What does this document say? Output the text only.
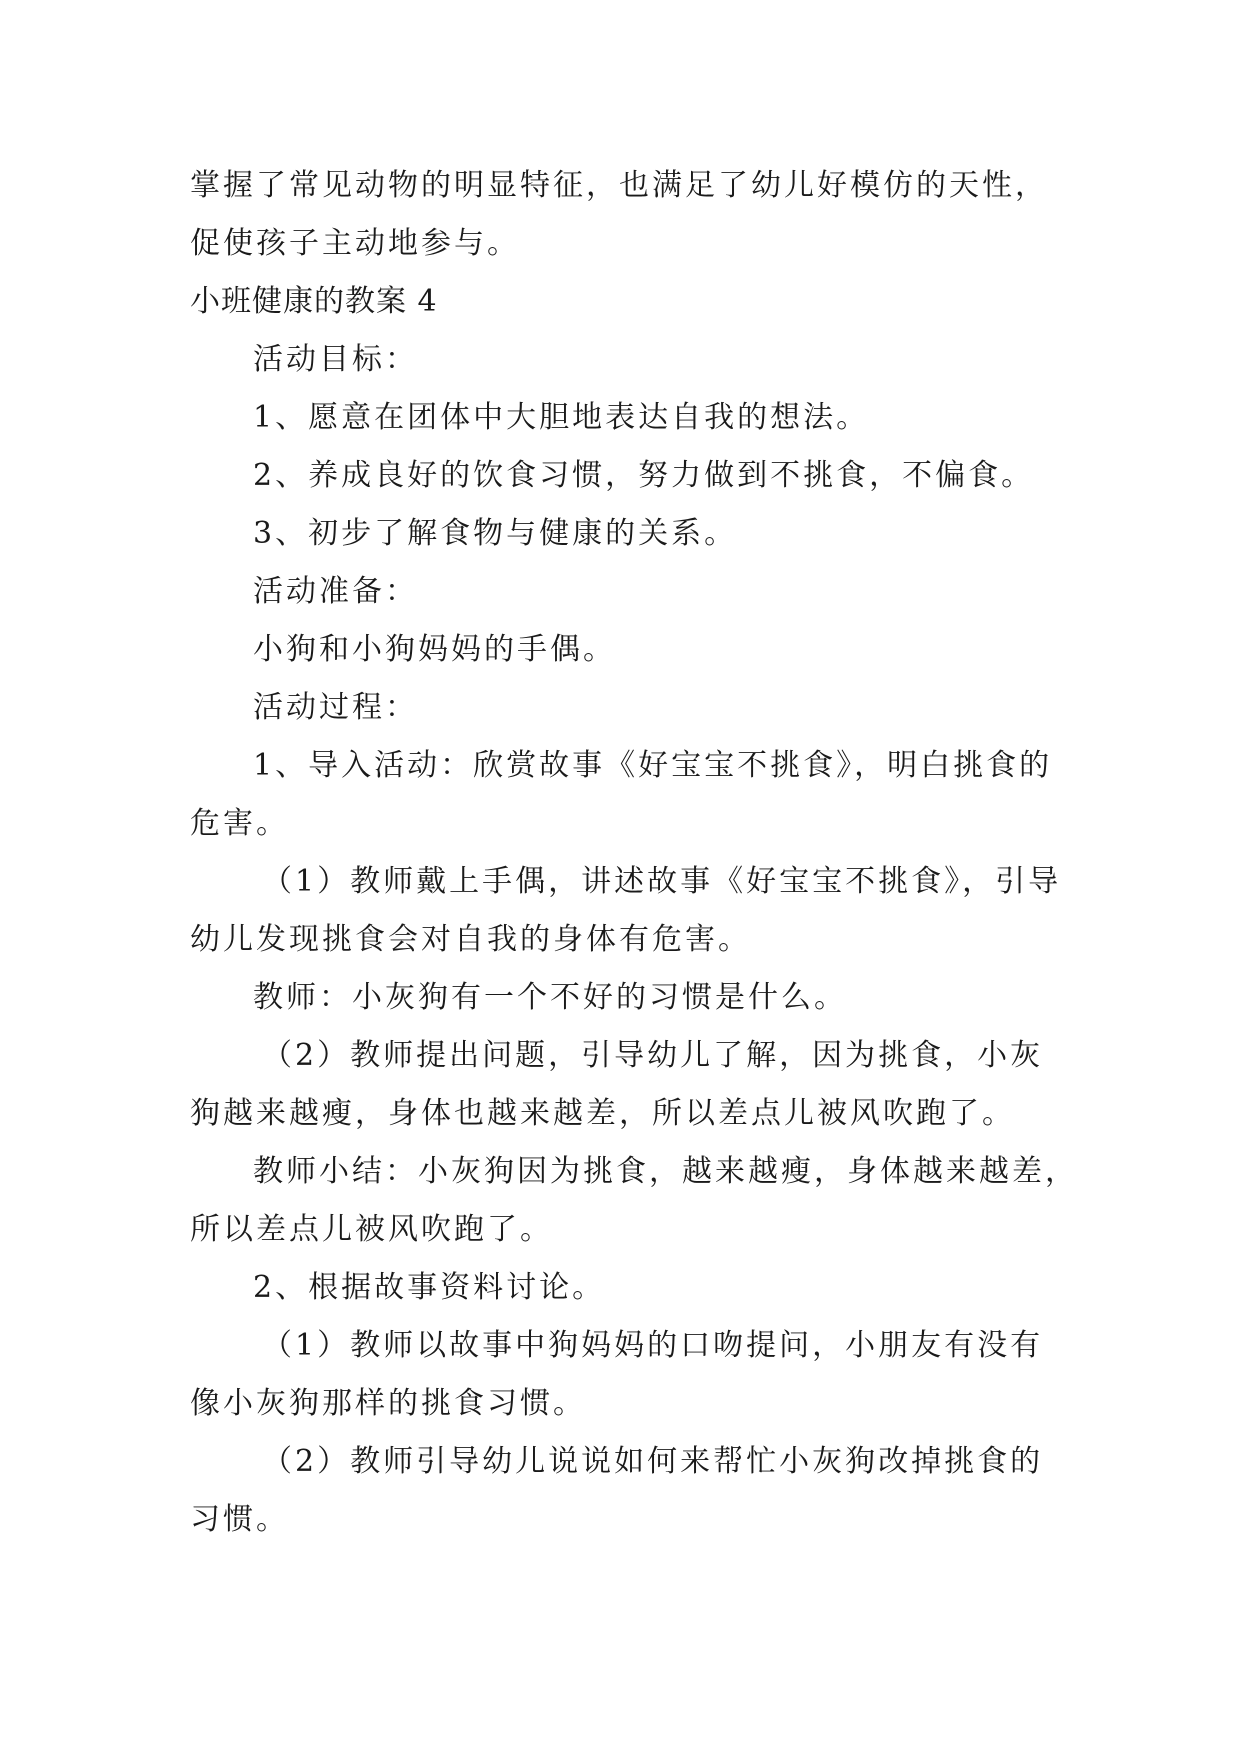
掌握了常见动物的明显特征，也满足了幼儿好模仿的天性，
促使孩子主动地参与。
小班健康的教案 4
活动目标：
1、愿意在团体中大胆地表达自我的想法。
2、养成良好的饮食习惯，努力做到不挑食，不偏食。
3、初步了解食物与健康的关系。
活动准备：
小狗和小狗妈妈的手偶。
活动过程：
1、导入活动：欣赏故事《好宝宝不挑食》，明白挑食的
危害。
（1）教师戴上手偶，讲述故事《好宝宝不挑食》，引导
幼儿发现挑食会对自我的身体有危害。
教师：小灰狗有一个不好的习惯是什么。
（2）教师提出问题，引导幼儿了解，因为挑食，小灰
狗越来越瘦，身体也越来越差，所以差点儿被风吹跑了。
教师小结：小灰狗因为挑食，越来越瘦，身体越来越差，
所以差点儿被风吹跑了。
2、根据故事资料讨论。
（1）教师以故事中狗妈妈的口吻提问，小朋友有没有
像小灰狗那样的挑食习惯。
（2）教师引导幼儿说说如何来帮忙小灰狗改掉挑食的
习惯。
